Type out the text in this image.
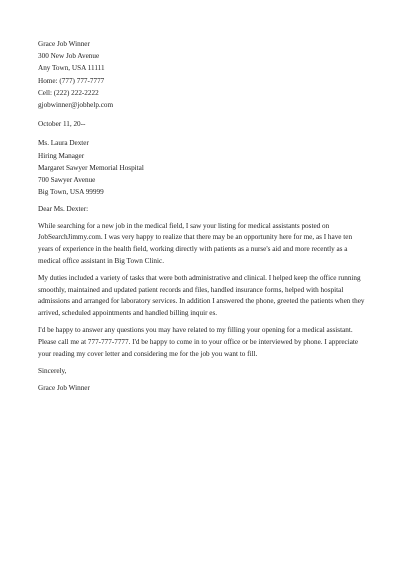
Grace Job Winner
300 New Job Avenue
Any Town, USA 11111
Home: (777) 777-7777
Cell: (222) 222-2222
gjobwinner@jobhelp.com
October 11, 20--
Ms. Laura Dexter
Hiring Manager
Margaret Sawyer Memorial Hospital
700 Sawyer Avenue
Big Town, USA 99999
Dear Ms. Dexter:
While searching for a new job in the medical field, I saw your listing for medical assistants posted on
JobSearchJimmy.com. I was very happy to realize that there may be an opportunity here for me, as I have ten
years of experience in the health field, working directly with patients as a nurse's aid and more recently as a
medical office assistant in Big Town Clinic.
My duties included a variety of tasks that were both administrative and clinical. I helped keep the office running
smoothly, maintained and updated patient records and files, handled insurance forms, helped with hospital
admissions and arranged for laboratory services. In addition I answered the phone, greeted the patients when they
arrived, scheduled appointments and handled billing inquir es.
I'd be happy to answer any questions you may have related to my filling your opening for a medical assistant.
Please call me at 777-777-7777. I'd be happy to come in to your office or be interviewed by phone. I appreciate
your reading my cover letter and considering me for the job you want to fill.
Sincerely,
Grace Job Winner
